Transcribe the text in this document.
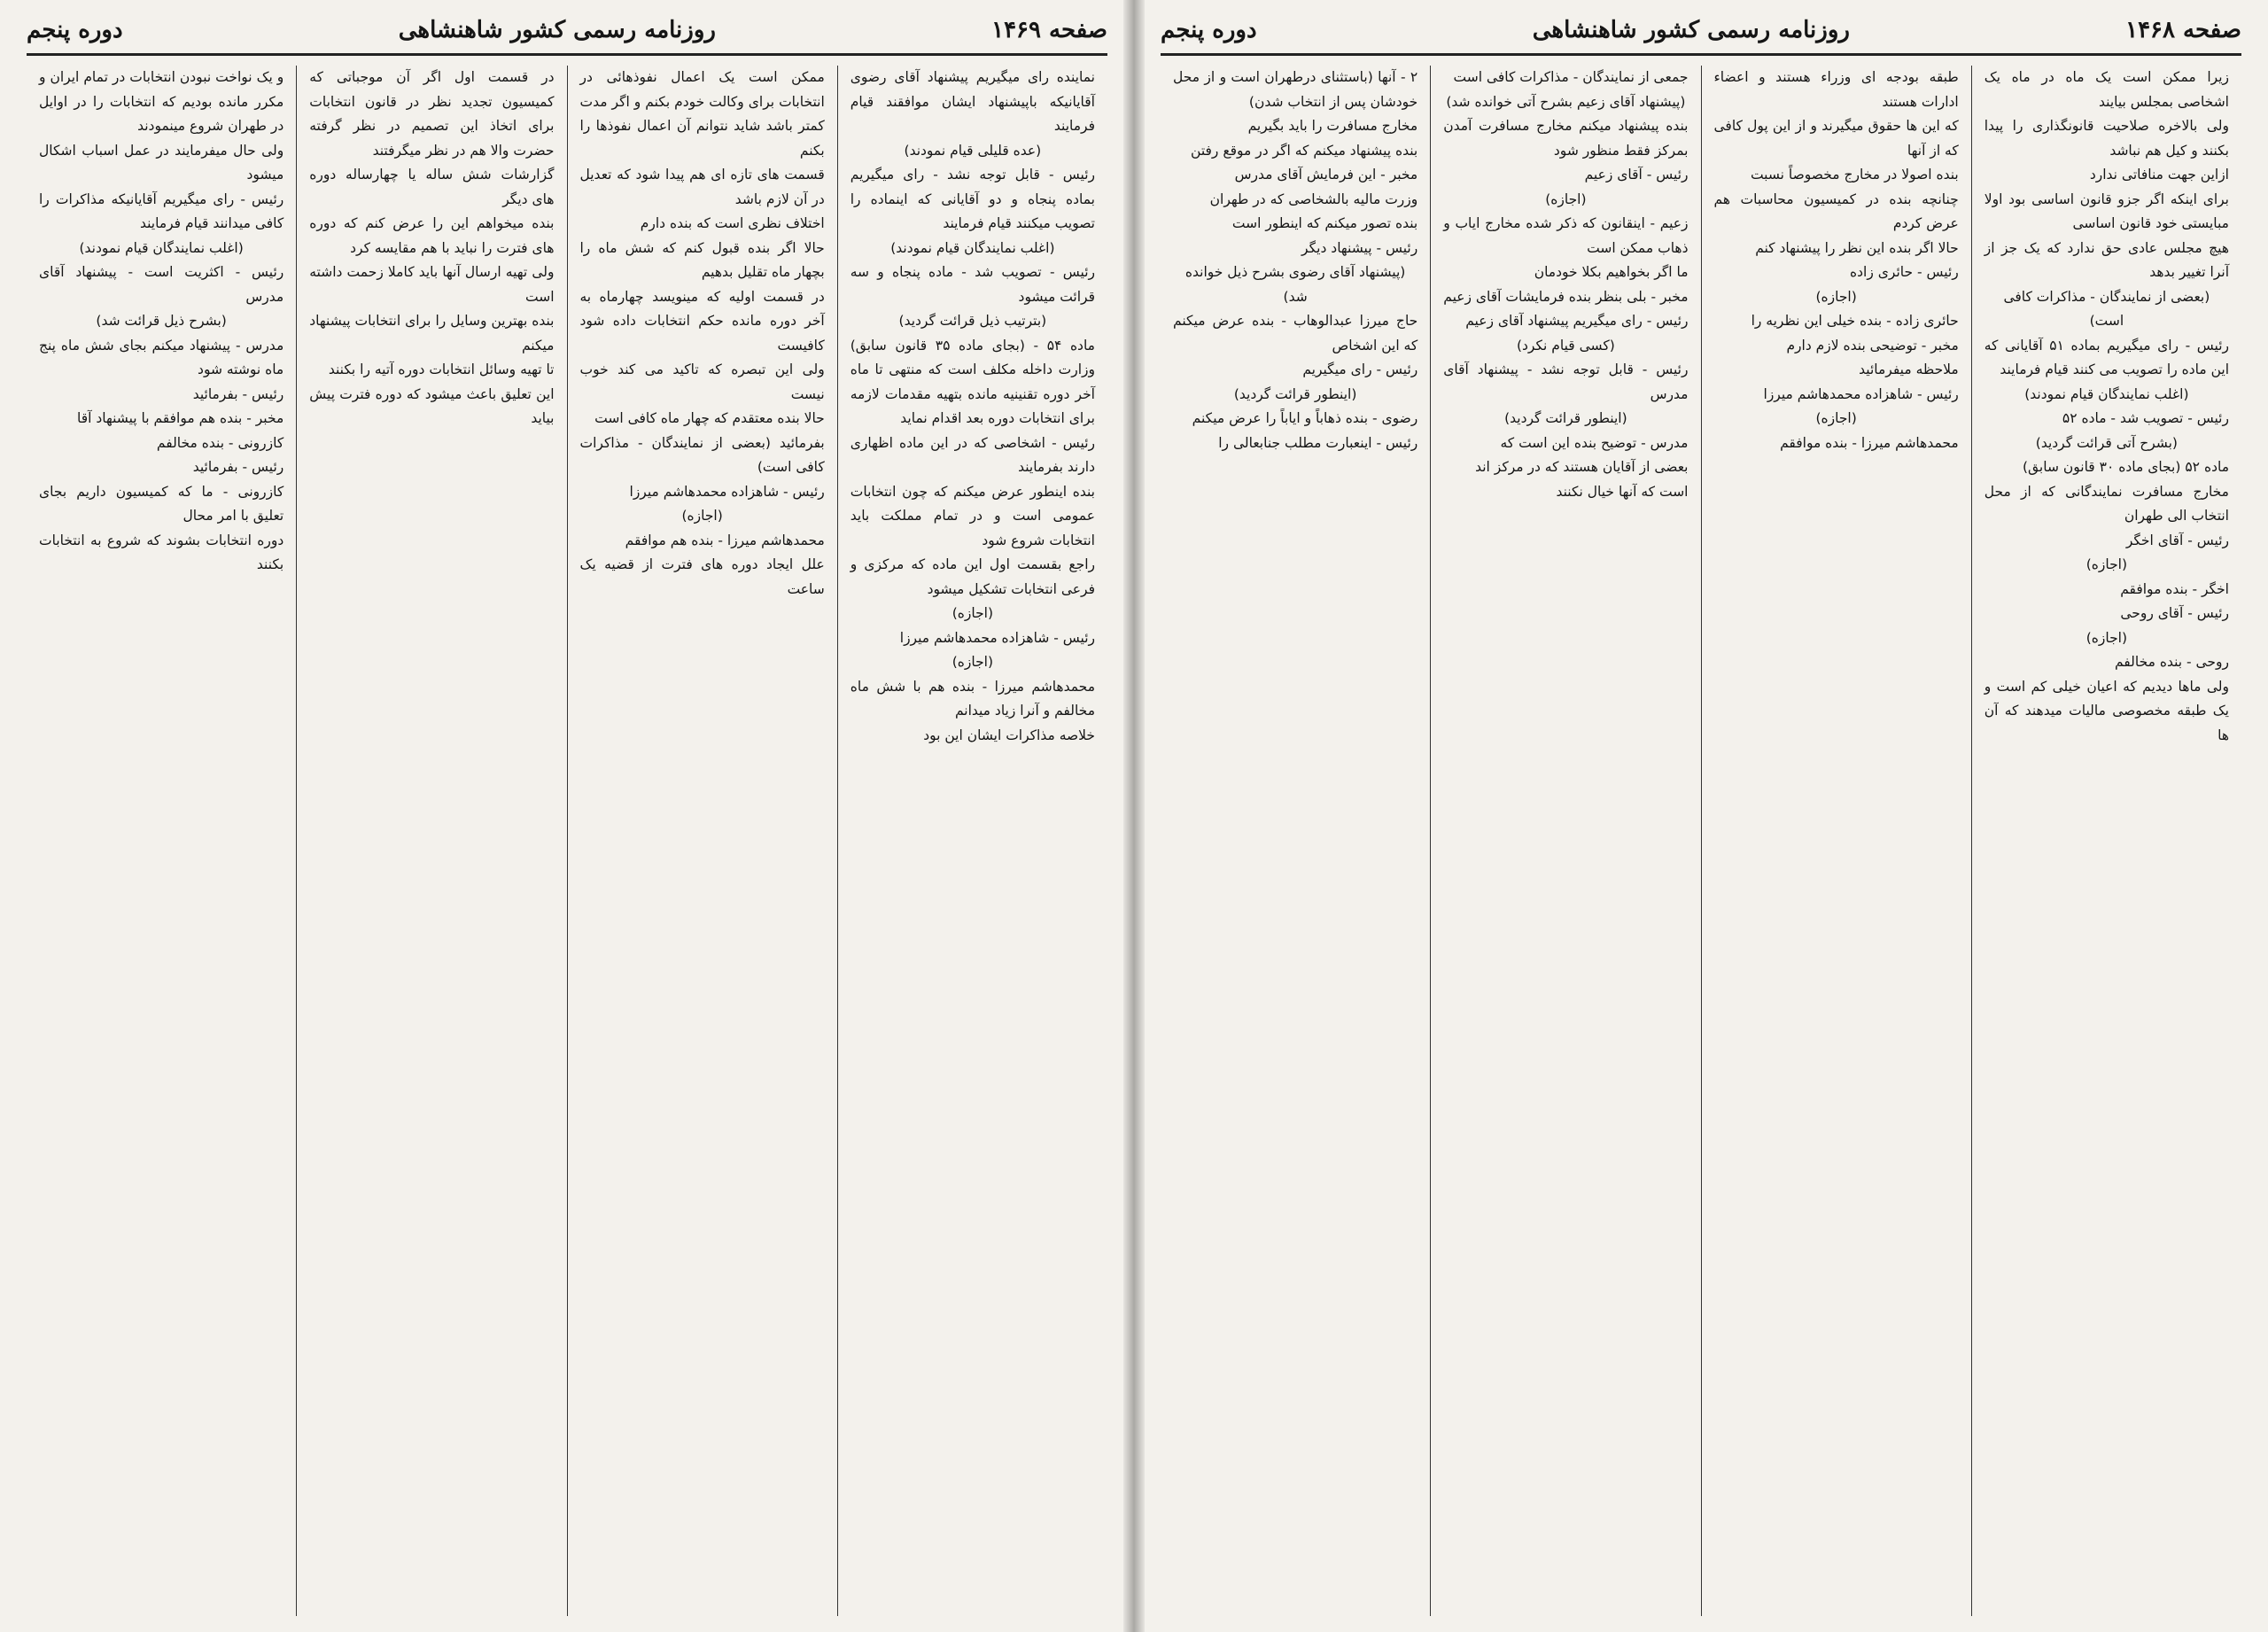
صفحه ۱۴۶۹
روزنامه رسمی کشور شاهنشاهی
دوره پنجم

نماینده رای میگیریم پیشنهاد آقای رضوی آقایانیکه باپیشنهاد ایشان موافقند قیام فرمایند

(عده قلیلی قیام نمودند)

رئیس - قابل توجه نشد - رای میگیریم بماده پنجاه و دو آقایانی که اینماده را تصویب میکنند قیام فرمایند

(اغلب نمایندگان قیام نمودند)

رئیس - تصویب شد - ماده پنجاه و سه قرائت میشود

(بترتیب ذیل قرائت گردید)

ماده ۵۴ - (بجای ماده ۳۵ قانون سابق) وزارت داخله مکلف است که منتهی تا ماه آخر دوره تقنینیه مانده بتهیه مقدمات لازمه برای انتخابات دوره بعد اقدام نماید

رئیس - اشخاصی که در این ماده اظهاری دارند بفرمایند

بنده اینطور عرض میکنم که چون انتخابات عمومی است و در تمام مملکت باید انتخابات شروع شود

راجع بقسمت اول این ماده که مرکزی و فرعی انتخابات تشکیل میشود

(اجازه)

رئیس - شاهزاده محمدهاشم میرزا

(اجازه)

محمدهاشم میرزا - بنده هم با شش ماه مخالفم و آنرا زیاد میدانم

خلاصه مذاکرات ایشان این بود

ممکن است یک اعمال نفوذهائی در انتخابات برای وکالت خودم بکنم و اگر مدت کمتر باشد شاید نتوانم آن اعمال نفوذها را بکنم

قسمت های تازه ای هم پیدا شود که تعدیل در آن لازم باشد

اختلاف نظری است که بنده دارم

حالا اگر بنده قبول کنم که شش ماه را بچهار ماه تقلیل بدهیم

در قسمت اولیه که مینویسد چهارماه به آخر دوره مانده حکم انتخابات داده شود کافیست

ولی این تبصره که تاکید می کند خوب نیست

حالا بنده معتقدم که چهار ماه کافی است

بفرمائید (بعضی از نمایندگان - مذاکرات کافی است)

رئیس - شاهزاده محمدهاشم میرزا

(اجازه)

محمدهاشم میرزا - بنده هم موافقم

علل ایجاد دوره های فترت از قضیه یک ساعت

در قسمت اول اگر آن موجباتی که کمیسیون تجدید نظر در قانون انتخابات برای اتخاذ این تصمیم در نظر گرفته حضرت والا هم در نظر میگرفتند

گزارشات شش ساله یا چهارساله دوره های دیگر

بنده میخواهم این را عرض کنم که دوره های فترت را نباید با هم مقایسه کرد

ولی تهیه ارسال آنها باید کاملا زحمت داشته است

بنده بهترین وسایل را برای انتخابات پیشنهاد میکنم

تا تهیه وسائل انتخابات دوره آتیه را بکنند

این تعلیق باعث میشود که دوره فترت پیش بیاید

و یک نواخت نبودن انتخابات در تمام ایران و مکرر مانده بودیم که انتخابات را در اوایل در طهران شروع مینمودند

ولی حال میفرمایند در عمل اسباب اشکال میشود

رئیس - رای میگیریم آقایانیکه مذاکرات را کافی میدانند قیام فرمایند

(اغلب نمایندگان قیام نمودند)

رئیس - اکثریت است - پیشنهاد آقای مدرس

(بشرح ذیل قرائت شد)

مدرس - پیشنهاد میکنم بجای شش ماه پنج ماه نوشته شود

رئیس - بفرمائید

مخبر - بنده هم موافقم با پیشنهاد آقا

کازرونی - بنده مخالفم

رئیس - بفرمائید

کازرونی - ما که کمیسیون داریم بجای تعلیق با امر محال

دوره انتخابات بشوند که شروع به انتخابات بکنند

صفحه ۱۴۶۸
روزنامه رسمی کشور شاهنشاهی
دوره پنجم

زیرا ممکن است یک ماه در ماه یک اشخاصی بمجلس بیایند

ولی بالاخره صلاحیت قانونگذاری را پیدا بکنند و کیل هم نباشد

ازاین جهت منافاتی ندارد

برای اینکه اگر جزو قانون اساسی بود اولا مبایستی خود قانون اساسی

هیچ مجلس عادی حق ندارد که یک جز از آنرا تغییر بدهد

(بعضی از نمایندگان - مذاکرات کافی است)

رئیس - رای میگیریم بماده ۵۱ آقایانی که این ماده را تصویب می کنند قیام فرمایند

(اغلب نمایندگان قیام نمودند)

رئیس - تصویب شد - ماده ۵۲

(بشرح آتی قرائت گردید)

ماده ۵۲ (بجای ماده ۳۰ قانون سابق)

مخارج مسافرت نمایندگانی که از محل انتخاب الی طهران

رئیس - آقای اخگر

(اجازه)

اخگر - بنده موافقم

رئیس - آقای روحی

(اجازه)

روحی - بنده مخالفم

ولی ماها دیدیم که اعیان خیلی کم است و یک طبقه مخصوصی مالیات میدهند که آن ها

طبقه بودجه ای وزراء هستند و اعضاء ادارات هستند

که این ها حقوق میگیرند و از این پول کافی که از آنها

بنده اصولا در مخارج مخصوصاً نسبت

چنانچه بنده در کمیسیون محاسبات هم عرض کردم

حالا اگر بنده این نظر را پیشنهاد کنم

رئیس - حائری زاده

(اجازه)

حائری زاده - بنده خیلی این نظریه را

مخبر - توضیحی بنده لازم دارم

ملاحظه میفرمائید

رئیس - شاهزاده محمدهاشم میرزا

(اجازه)

محمدهاشم میرزا - بنده موافقم

جمعی از نمایندگان - مذاکرات کافی است

(پیشنهاد آقای زعیم بشرح آتی خوانده شد)

بنده پیشنهاد میکنم مخارج مسافرت آمدن بمرکز فقط منظور شود

رئیس - آقای زعیم

(اجازه)

زعیم - اینقانون که ذکر شده مخارج ایاب و ذهاب ممکن است

ما اگر بخواهیم بکلا خودمان

مخبر - بلی بنظر بنده فرمایشات آقای زعیم

رئیس - رای میگیریم پیشنهاد آقای زعیم

(کسی قیام نکرد)

رئیس - قابل توجه نشد - پیشنهاد آقای مدرس

(اینطور قرائت گردید)

مدرس - توضیح بنده این است که

بعضی از آقایان هستند که در مرکز اند

است که آنها خیال نکنند

۲ - آنها (باستثنای درطهران است و از محل خودشان پس از انتخاب شدن)

مخارج مسافرت را باید بگیریم

بنده پیشنهاد میکنم که اگر در موقع رفتن

مخبر - این فرمایش آقای مدرس

وزرت مالیه بالشخاصی که در طهران

بنده تصور میکنم که اینطور است

رئیس - پیشنهاد دیگر

(پیشنهاد آقای رضوی بشرح ذیل خوانده شد)

حاج میرزا عبدالوهاب - بنده عرض میکنم که این اشخاص

رئیس - رای میگیریم

(اینطور قرائت گردید)

رضوی - بنده ذهاباً و ایاباً را عرض میکنم

رئیس - اینعبارت مطلب جنابعالی را
